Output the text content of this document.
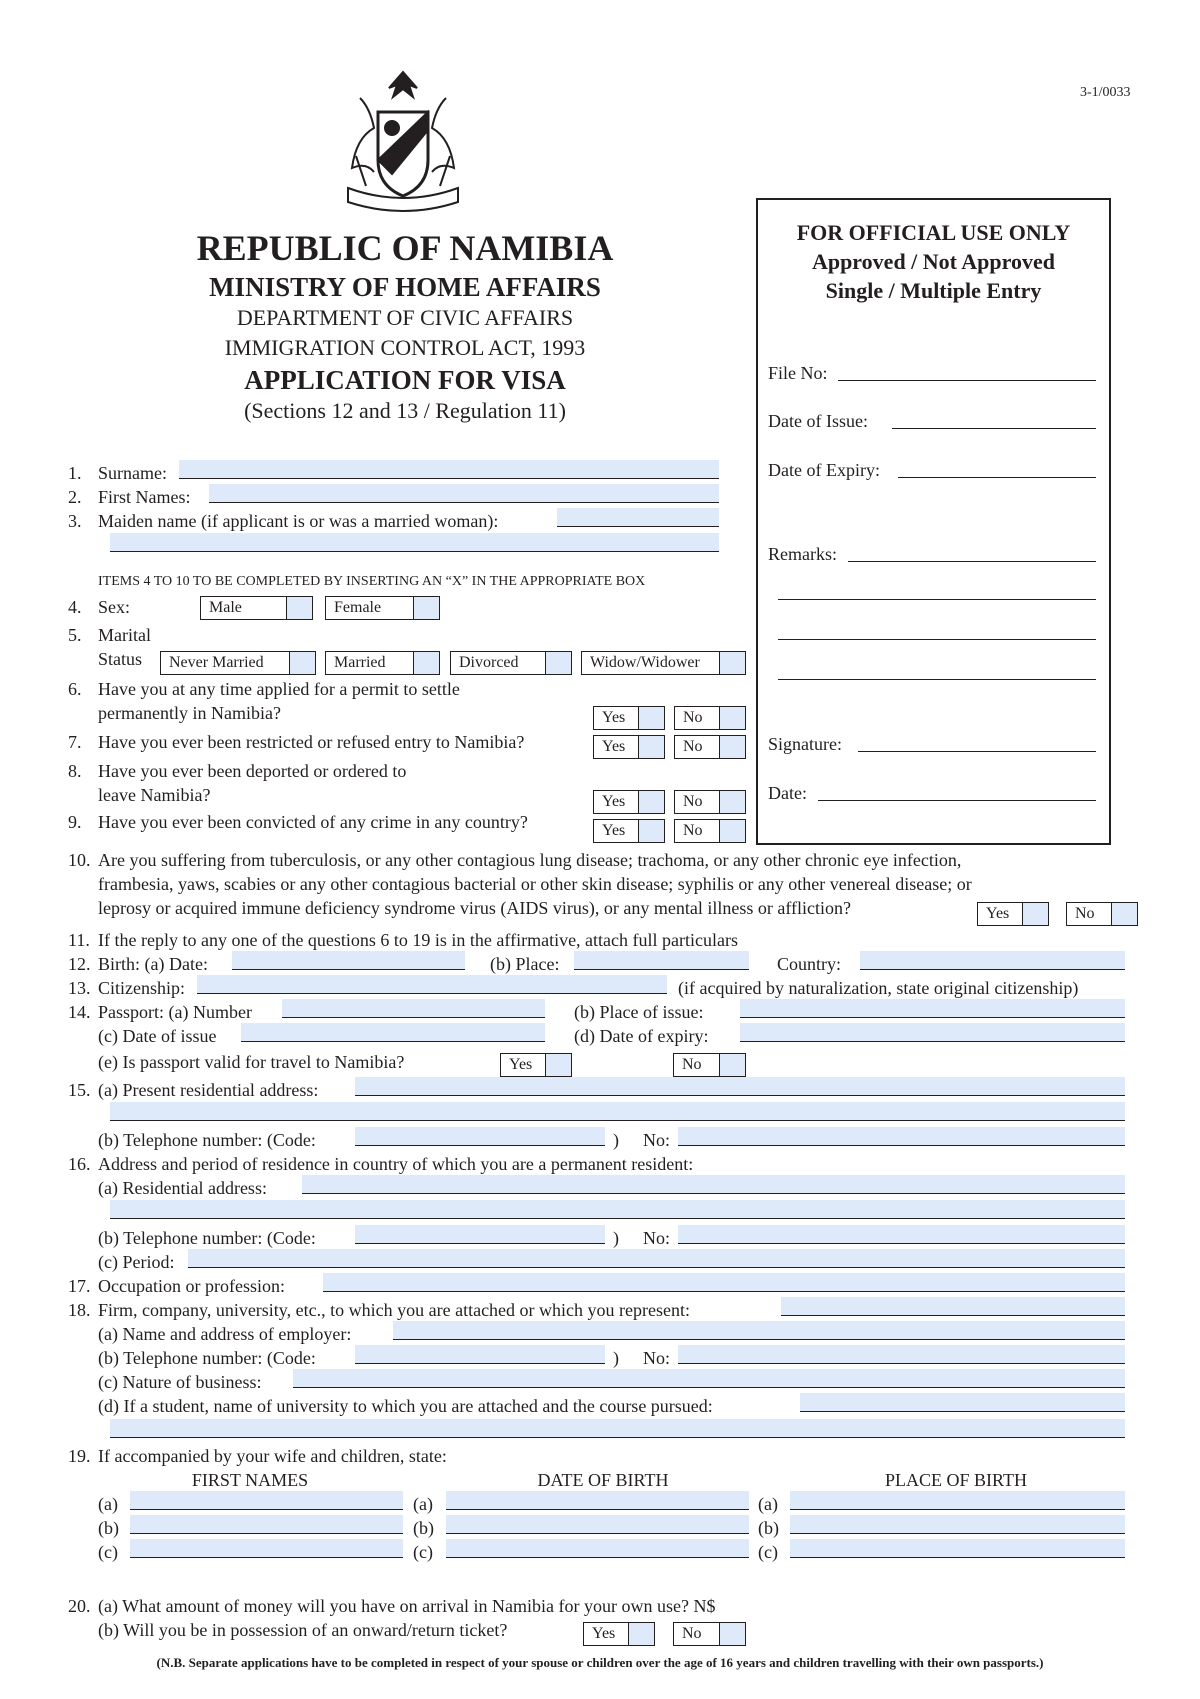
3-1/0033
REPUBLIC OF NAMIBIA
MINISTRY OF HOME AFFAIRS
DEPARTMENT OF CIVIC AFFAIRS
IMMIGRATION CONTROL ACT, 1993
APPLICATION FOR VISA
(Sections 12 and 13 / Regulation 11)
FOR OFFICIAL USE ONLY
Approved / Not Approved
Single / Multiple Entry
File No:
Date of Issue:
Date of Expiry:
Remarks:
Signature:
Date:
1. Surname:
2. First Names:
3. Maiden name (if applicant is or was a married woman):
ITEMS 4 TO 10 TO BE COMPLETED BY INSERTING AN “X” IN THE APPROPRIATE BOX
4. Sex:	Male	Female
5. Marital
Status	Never Married	Married	Divorced	Widow/Widower
6. Have you at any time applied for a permit to settle
permanently in Namibia?	Yes	No
7. Have you ever been restricted or refused entry to Namibia?	Yes	No
8. Have you ever been deported or ordered to
leave Namibia?	Yes	No
9. Have you ever been convicted of any crime in any country?	Yes	No
10. Are you suffering from tuberculosis, or any other contagious lung disease; trachoma, or any other chronic eye infection,
frambesia, yaws, scabies or any other contagious bacterial or other skin disease; syphilis or any other venereal disease; or
leprosy or acquired immune deficiency syndrome virus (AIDS virus), or any mental illness or affliction?	Yes	No
11. If the reply to any one of the questions 6 to 19 is in the affirmative, attach full particulars
12. Birth: (a) Date:	(b) Place:	Country:
13. Citizenship:	(if acquired by naturalization, state original citizenship)
14. Passport: (a) Number	(b) Place of issue:
(c) Date of issue	(d) Date of expiry:
(e) Is passport valid for travel to Namibia?	Yes	No
15. (a) Present residential address:
(b) Telephone number: (Code:	) No:
16. Address and period of residence in country of which you are a permanent resident:
(a) Residential address:
(b) Telephone number: (Code:	) No:
(c) Period:
17. Occupation or profession:
18. Firm, company, university, etc., to which you are attached or which you represent:
(a) Name and address of employer:
(b) Telephone number: (Code:	) No:
(c) Nature of business:
(d) If a student, name of university to which you are attached and the course pursued:
19. If accompanied by your wife and children, state:
FIRST NAMES	DATE OF BIRTH	PLACE OF BIRTH
(a)	(a)	(a)
(b)	(b)	(b)
(c)	(c)	(c)
20. (a) What amount of money will you have on arrival in Namibia for your own use? N$
(b) Will you be in possession of an onward/return ticket?	Yes	No
(N.B. Separate applications have to be completed in respect of your spouse or children over the age of 16 years and children travelling with their own passports.)
